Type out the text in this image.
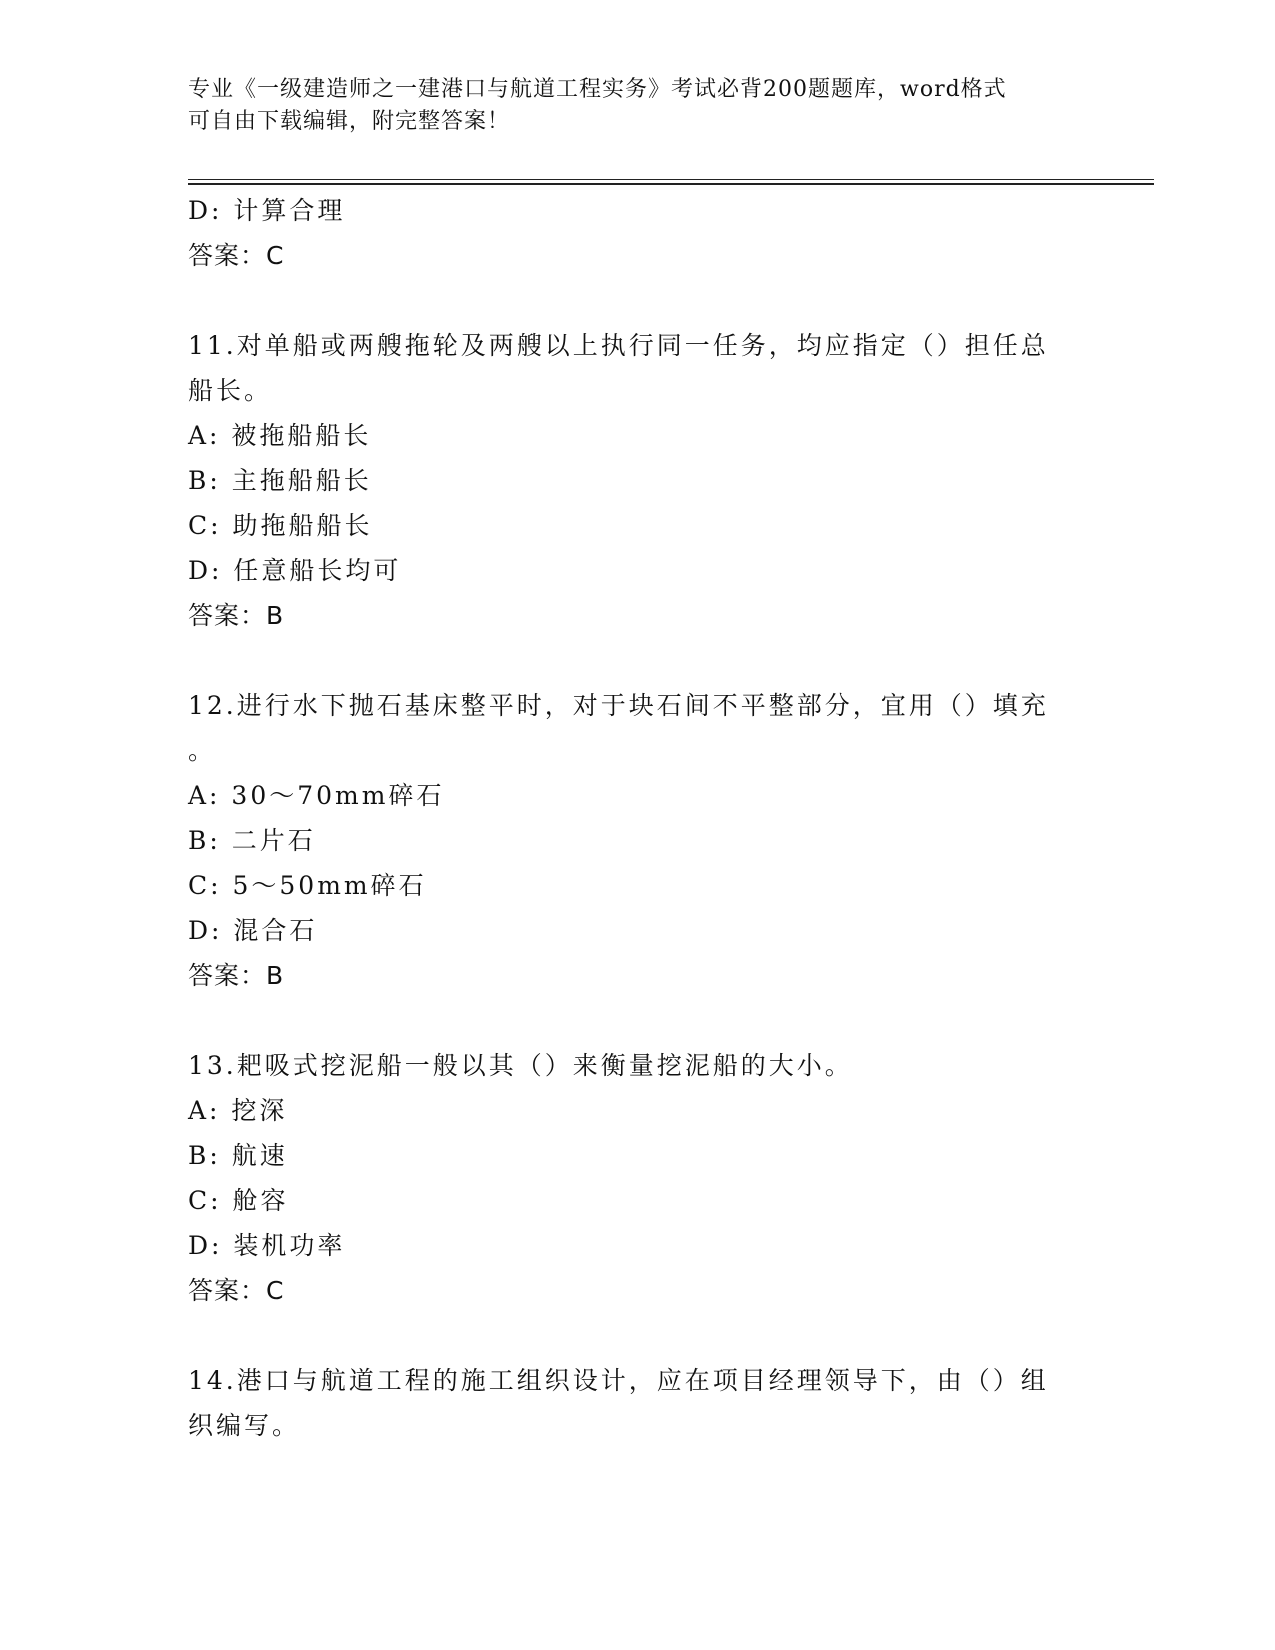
专业《一级建造师之一建港口与航道工程实务》考试必背200题题库，word格式
可自由下载编辑，附完整答案！
D: 计算合理
答案：C
11.对单船或两艘拖轮及两艘以上执行同一任务，均应指定（）担任总
船长。
A: 被拖船船长
B: 主拖船船长
C: 助拖船船长
D: 任意船长均可
答案：B
12.进行水下抛石基床整平时，对于块石间不平整部分，宜用（）填充
。
A: 30～70mm碎石
B: 二片石
C: 5～50mm碎石
D: 混合石
答案：B
13.耙吸式挖泥船一般以其（）来衡量挖泥船的大小。
A: 挖深
B: 航速
C: 舱容
D: 装机功率
答案：C
14.港口与航道工程的施工组织设计，应在项目经理领导下，由（）组
织编写。
